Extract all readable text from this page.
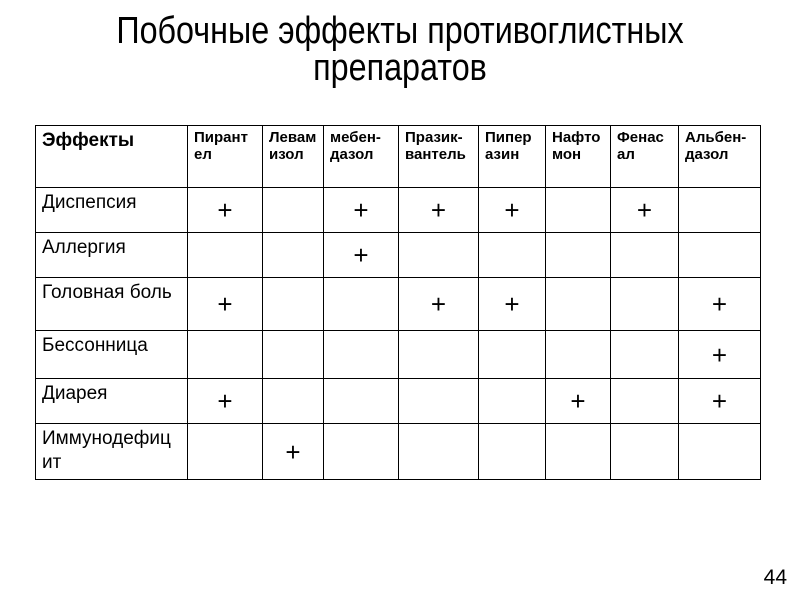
Побочные эффекты противоглистных препаратов
Эффекты	Пирантел	Левамизол	мебен-дазол	Празик-вантель	Пиперазин	Нафтомон	Фенасал	Альбен-дазол
Диспепсия	+		+	+	+		+	
Аллергия			+					
Головная боль	+			+	+			+
Бессонница								+
Диарея	+					+		+
Иммунодефицит		+						
44
